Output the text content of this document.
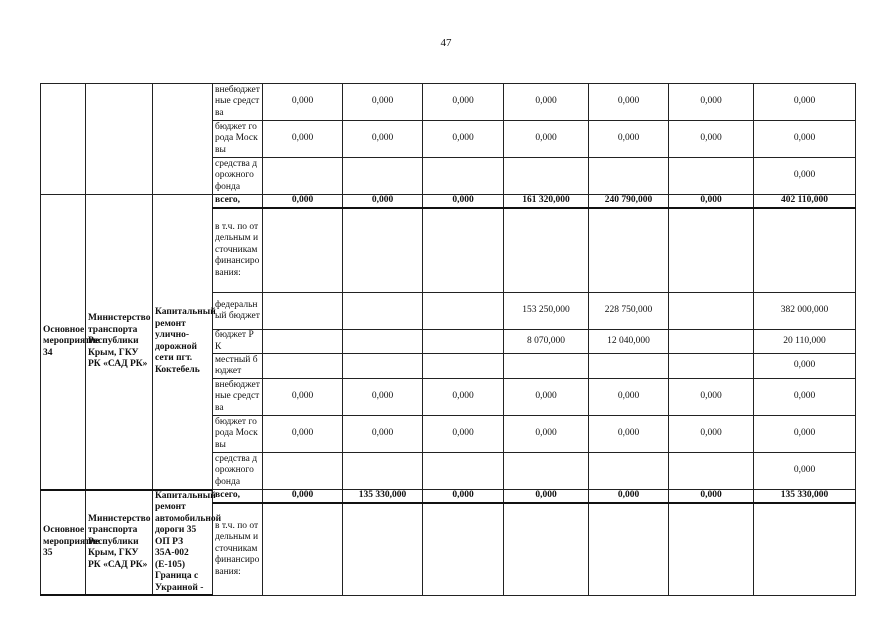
47
			внебюджетные средства	0,000	0,000	0,000	0,000	0,000	0,000	0,000
			бюджет города Москвы	0,000	0,000	0,000	0,000	0,000	0,000	0,000
			средства дорожного фонда							0,000
Основное мероприятие 34	Министерство транспорта Республики Крым, ГКУ РК «САД РК»	Капитальный ремонт улично-дорожной сети пгт. Коктебель	всего,	0,000	0,000	0,000	161 320,000	240 790,000	0,000	402 110,000
			в т.ч. по отдельным источникам финансирования:							
			федеральный бюджет				153 250,000	228 750,000		382 000,000
			бюджет РК				8 070,000	12 040,000		20 110,000
			местный бюджет							0,000
			внебюджетные средства	0,000	0,000	0,000	0,000	0,000	0,000	0,000
			бюджет города Москвы	0,000	0,000	0,000	0,000	0,000	0,000	0,000
			средства дорожного фонда							0,000
Основное мероприятие 35	Министерство транспорта Республики Крым, ГКУ РК «САД РК»	Капитальный ремонт автомобильной дороги 35 ОП РЗ 35А-002 (Е-105) Граница с Украиной -	всего,	0,000	135 330,000	0,000	0,000	0,000	0,000	135 330,000
			в т.ч. по отдельным источникам финансирования:							
